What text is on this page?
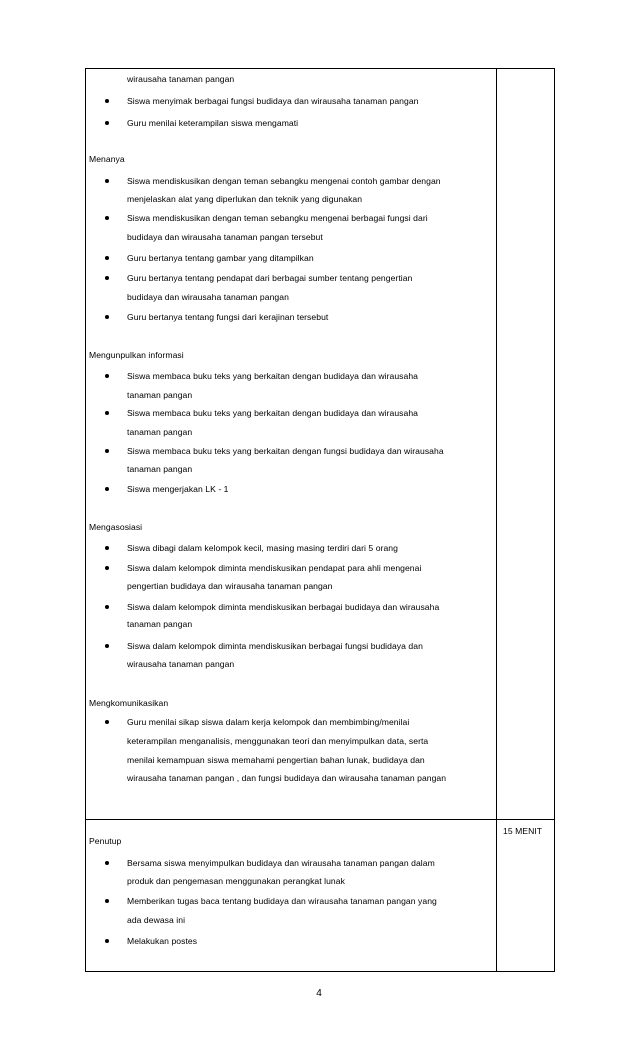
wirausaha tanaman pangan
Siswa menyimak berbagai fungsi budidaya dan wirausaha tanaman pangan
Guru menilai keterampilan siswa mengamati
Menanya
Siswa mendiskusikan dengan teman sebangku mengenai contoh gambar dengan
menjelaskan alat yang diperlukan dan teknik yang digunakan
Siswa mendiskusikan dengan teman sebangku mengenai berbagai fungsi dari
budidaya dan wirausaha tanaman pangan tersebut
Guru bertanya tentang gambar yang ditampilkan
Guru bertanya tentang pendapat dari berbagai sumber tentang pengertian
budidaya dan wirausaha tanaman pangan
Guru bertanya tentang fungsi dari kerajinan tersebut
Mengunpulkan informasi
Siswa membaca buku teks yang berkaitan dengan budidaya dan wirausaha
tanaman pangan
Siswa membaca buku teks yang berkaitan dengan budidaya dan wirausaha
tanaman pangan
Siswa membaca buku teks yang berkaitan dengan fungsi budidaya dan wirausaha
tanaman pangan
Siswa mengerjakan LK - 1
Mengasosiasi
Siswa dibagi dalam kelompok kecil, masing masing terdiri dari 5 orang
Siswa dalam kelompok diminta mendiskusikan pendapat para ahli mengenai
pengertian budidaya dan wirausaha tanaman pangan
Siswa dalam kelompok diminta mendiskusikan berbagai budidaya dan wirausaha
tanaman pangan
Siswa dalam kelompok diminta mendiskusikan berbagai fungsi budidaya dan
wirausaha tanaman pangan
Mengkomunikasikan
Guru menilai sikap siswa dalam kerja kelompok dan membimbing/menilai
keterampilan menganalisis, menggunakan teori dan menyimpulkan data, serta
menilai kemampuan siswa memahami pengertian bahan lunak, budidaya dan
wirausaha tanaman pangan , dan fungsi budidaya dan wirausaha tanaman pangan
15 MENIT
Penutup
Bersama siswa menyimpulkan budidaya dan wirausaha tanaman pangan dalam
produk dan pengemasan menggunakan perangkat lunak
Memberikan tugas baca tentang budidaya dan wirausaha tanaman pangan yang
ada dewasa ini
Melakukan postes
4
